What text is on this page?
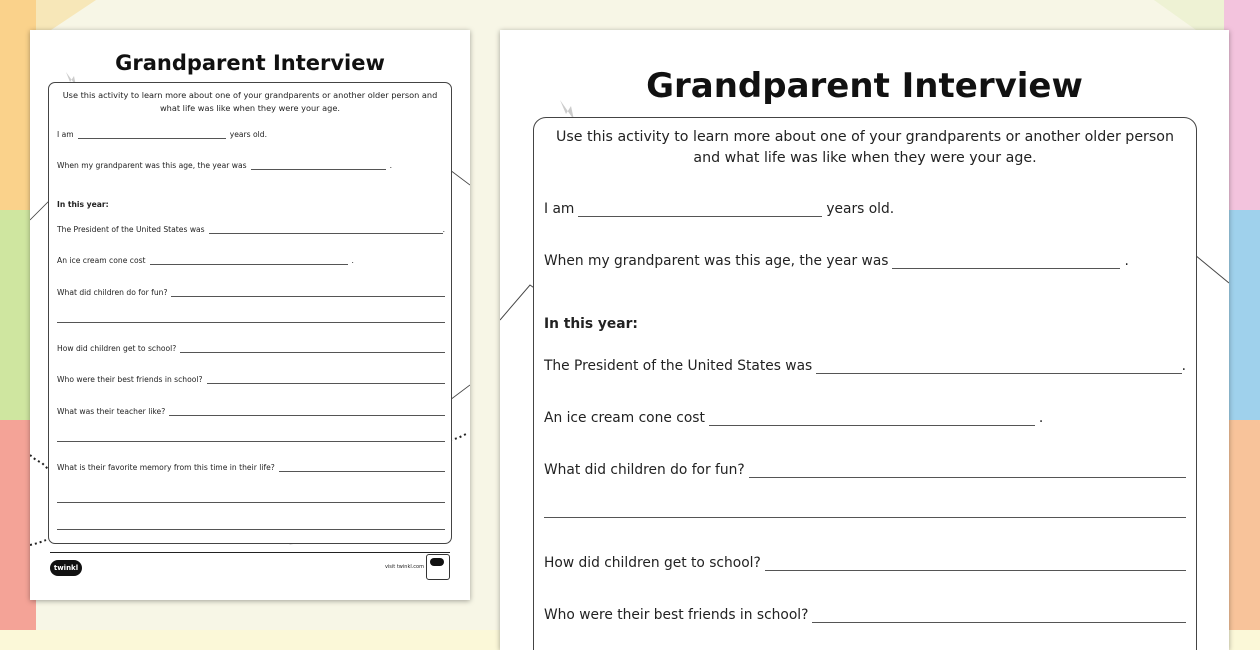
Grandparent Interview
Use this activity to learn more about one of your grandparents or another older person and what life was like when they were your age.
I am	years old.
When my grandparent was this age, the year was	.
In this year:
The President of the United States was	.
An ice cream cone cost	.
What did children do for fun?
How did children get to school?
Who were their best friends in school?
What was their teacher like?
What is their favorite memory from this time in their life?
twinkl	visit twinkl.com
Grandparent Interview
Use this activity to learn more about one of your grandparents or another older person and what life was like when they were your age.
I am	years old.
When my grandparent was this age, the year was	.
In this year:
The President of the United States was	.
An ice cream cone cost	.
What did children do for fun?
How did children get to school?
Who were their best friends in school?
